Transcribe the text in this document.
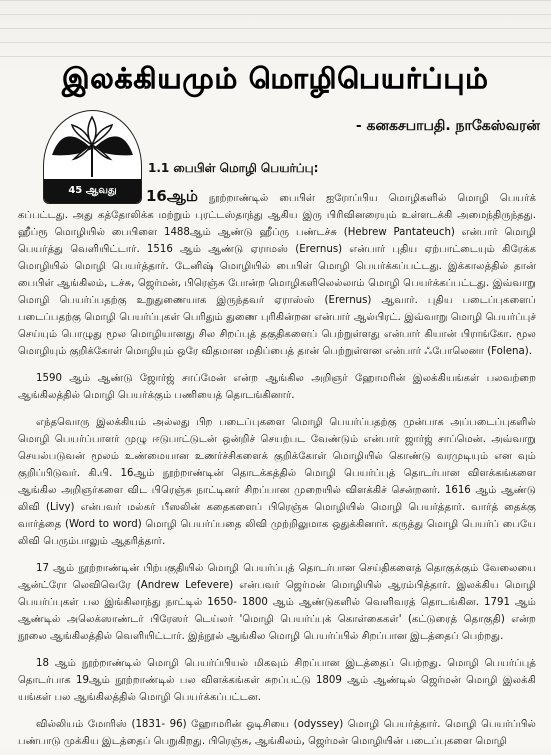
இலக்கியமும் மொழிபெயர்ப்பும்
- கனகசபாபதி. நாகேஸ்வரன்
45 ஆவது
1.1 பைபிள் மொழி பெயர்ப்பு:

16ஆம் நூற்றாண்டில் பைபிள் ஐரோப்பிய மொழிகளில் மொழி பெயர்க் கப்பட்டது. அது கத்தோலிக்க மற்றும் புரட்டஸ்தாந்து ஆகிய இரு பிரிவினரையும் உள்ளடக்கி அமைந்திருந்தது. ஹீப்ரூ மொழியில் பைபிளை 1488ஆம் ஆண்டு ஹீப்ரு பண்டச்சு (Hebrew Pantateuch) என்பார் மொழி பெயர்த்து வெளியிட்டார். 1516 ஆம் ஆண்டு ஏராமஸ் (Erernus) என்பார் புதிய ஏற்பாட்டையும் கிரேக்க மொழியில் மொழி பெயர்த்தார். டேனிஷ் மொழியில் பைபிள் மொழி பெயர்க்கப்பட்டது. இக்காலத்தில் தான் பைபிள் ஆங்கிலம், டச்சு, ஜெர்மன், பிரெஞ்சு போன்ற மொழிகளிலெல்லாம் மொழி பெயர்க்கப்பட்டது. இவ்வாறு மொழி பெயர்ப்பதற்கு உறுதுணையாக இருந்தவர் ஏராஸ்ஸ் (Erernus) ஆவார். புதிய படைப்புகளைப் படைப்பதற்கு மொழி பெயர்ப்புகள் பெரிதும் துணை புரிகின்றன என்பார் ஆல்பிரட். இவ்வாறு மொழி பெயர்ப்புச் செய்யும் பொழுது மூல மொழியானது சில சிறப்புத் தகுதிகளைப் பெற்றுள்ளது என்பார் கியான் பிராங்கோ. மூல மொழியும் குறிக்கோள் மொழியும் ஒரே விதமான மதிப்பைத் தான் பெற்றுள்ளன என்பார் ஃபோலெனா (Folena).

1590 ஆம் ஆண்டு ஜோர்ஜ் சாப்மேன் என்ற ஆங்கில அறிஞர் ஹோமரின் இலக்கியங்கள் பலவற்றை ஆங்கிலத்தில் மொழி பெயர்க்கும் பணியைத் தொடங்கினார்.

எந்தவொரு இலக்கியம் அல்லது பிற படைப்புகளை மொழி பெயர்ப்பதற்கு முன்பாக அப்படைப்புகளில் மொழி பெயர்ப்பாளர் முழு ஈடுபாட்டுடன் ஒன்றிச் செயற்பட வேண்டும் என்பார் ஜார்ஜ் சாப்மென். அவ்வாறு செயல்படுவன் மூலம் உண்மையான உணர்ச்சிகளைக் குறிக்கோள் மொழியில் கொண்டு வரமுடியும் என வும் குறிப்பிடுவர். கி.பி. 16ஆம் நூற்றாண்டின் தொடக்கத்தில் மொழி பெயர்ப்புத் தொடர்பான விளக்கங்களை ஆங்கில அறிஞர்களை விட பிரெஞ்சு நாட்டினர் சிறப்பான முறையில் விளக்கிச் சென்றனர். 1616 ஆம் ஆண்டு லிவி (Livy) என்பவர் மல்கர் பீஸலின் கதைகளைப் பிரெஞ்சு மொழியில் மொழி பெயர்த்தார். வார்த் தைக்கு வார்த்தை (Word to word) மொழி பெயர்ப்பதை லிவி முற்றிலுமாக ஒதுக்கினார். கருத்து மொழி பெயர்ப் பையே லிவி பெரும்பாலும் ஆதரித்தார்.

17 ஆம் நூற்றாண்டின் பிற்பகுதியில் மொழி பெயர்ப்புத் தொடர்பான செய்திகளைத் தொகுக்கும் வேலையை ஆன்ட்ரோ லெவிவெரே (Andrew Lefevere) என்பவர் ஜெர்மன் மொழியில் ஆரம்பித்தார். இலக்கிய மொழி பெயர்ப்புகள் பல இங்கிலாந்து நாட்டில் 1650- 1800 ஆம் ஆண்டுகளில் வெளிவரத் தொடங்கின. 1791 ஆம் ஆண்டில் அலெக்ஸாண்டர் பிரேஸர் டெய்லர் 'மொழி பெயர்ப்புக் கொள்கைகள்' (கட்டுரைத் தொகுதி) என்ற நூலை ஆங்கிலத்தில் வெளியிட்டார். இந்நூல் ஆங்கில மொழி பெயர்ப்பில் சிறப்பான இடத்தைப் பெற்றது.

18 ஆம் நூற்றாண்டில் மொழி பெயர்ப்பியல் மிகவும் சிறப்பான இடத்தைப் பெற்றது. மொழி பெயர்ப்புத் தொடர்பாக 19ஆம் நூற்றாண்டில் பல விளக்கங்கள் சுறப்பட்டு 1809 ஆம் ஆண்டில் ஜெர்மன் மொழி இலக்கி யங்கள் பல ஆங்கிலத்தில் மொழி பெயர்க்கப்பட்டன.

வில்லியம் மோரிஸ் (1831- 96) ஹோமரின் ஒடிசியை (odyssey) மொழி பெயர்த்தார். மொழி பெயர்ப்பில் பண்பாடு முக்கிய இடத்தைப் பெறுகிறது. பிரெஞ்சு, ஆங்கிலம், ஜெர்மன் மொழியின் படைப்புகளை மொழி
